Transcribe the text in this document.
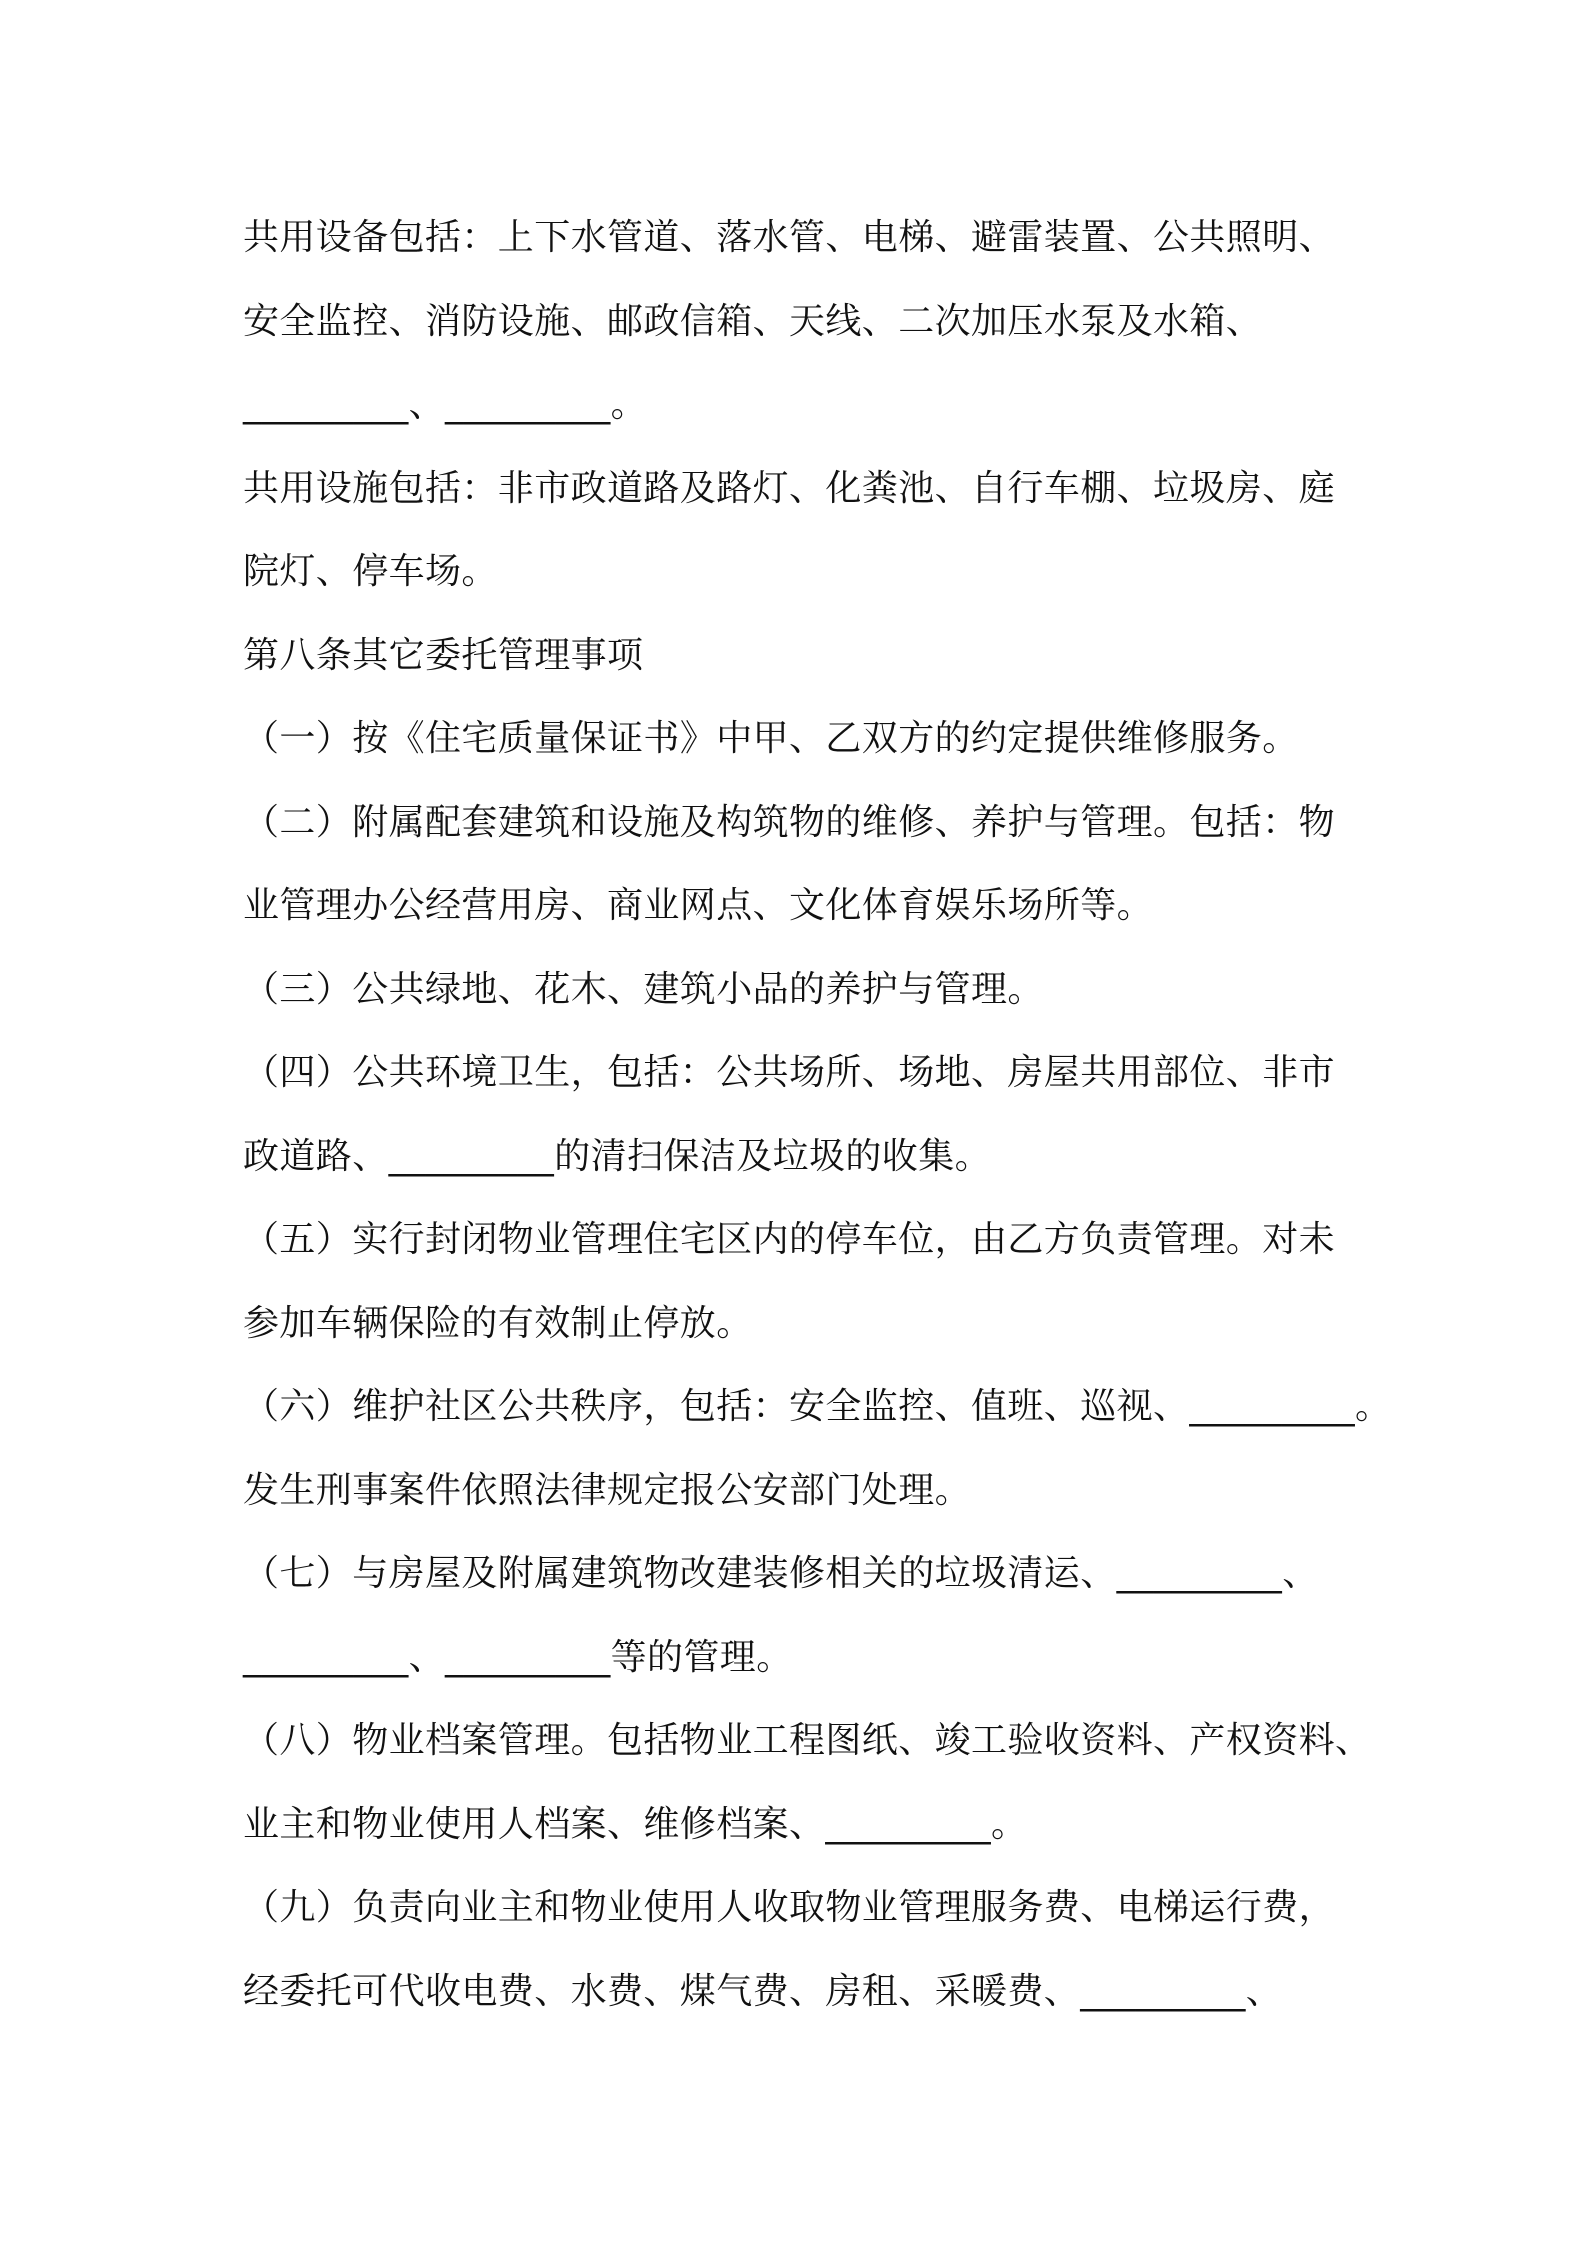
共用设备包括：上下水管道、落水管、电梯、避雷装置、公共照明、
安全监控、消防设施、邮政信箱、天线、二次加压水泵及水箱、
_________、_________。
共用设施包括：非市政道路及路灯、化粪池、自行车棚、垃圾房、庭
院灯、停车场。
第八条其它委托管理事项
（一）按《住宅质量保证书》中甲、乙双方的约定提供维修服务。
（二）附属配套建筑和设施及构筑物的维修、养护与管理。包括：物
业管理办公经营用房、商业网点、文化体育娱乐场所等。
（三）公共绿地、花木、建筑小品的养护与管理。
（四）公共环境卫生，包括：公共场所、场地、房屋共用部位、非市
政道路、_________的清扫保洁及垃圾的收集。
（五）实行封闭物业管理住宅区内的停车位，由乙方负责管理。对未
参加车辆保险的有效制止停放。
（六）维护社区公共秩序，包括：安全监控、值班、巡视、_________。
发生刑事案件依照法律规定报公安部门处理。
（七）与房屋及附属建筑物改建装修相关的垃圾清运、_________、
_________、_________等的管理。
（八）物业档案管理。包括物业工程图纸、竣工验收资料、产权资料、
业主和物业使用人档案、维修档案、_________。
（九）负责向业主和物业使用人收取物业管理服务费、电梯运行费，
经委托可代收电费、水费、煤气费、房租、采暖费、_________、
